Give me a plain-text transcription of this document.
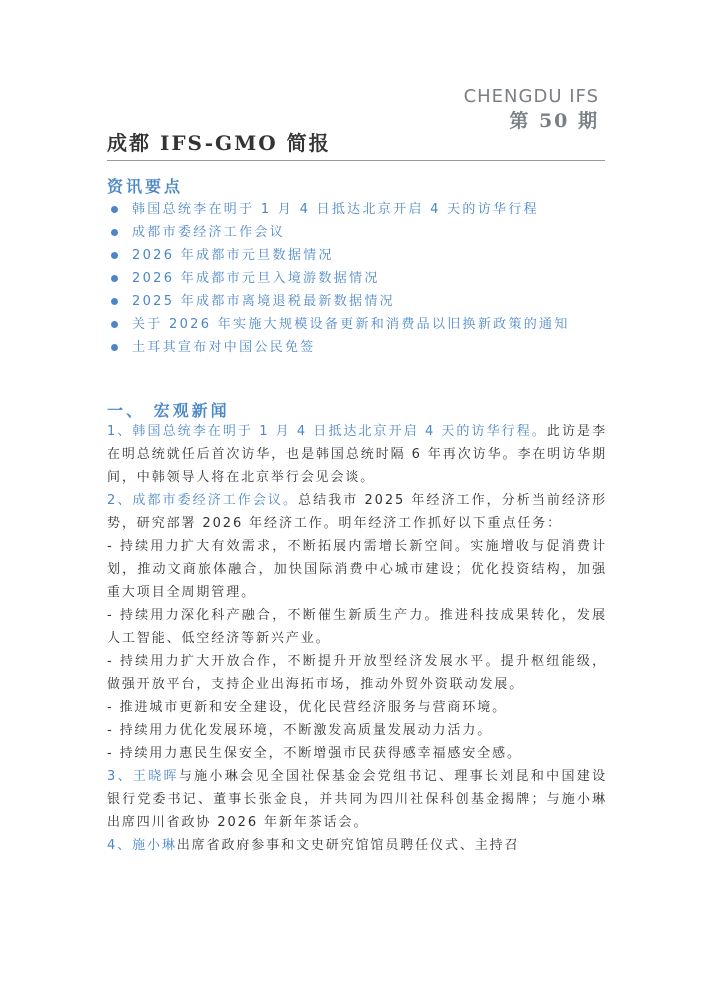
CHENGDU IFS
第 50 期
成都 IFS-GMO 简报
资讯要点
韩国总统李在明于 1 月 4 日抵达北京开启 4 天的访华行程
成都市委经济工作会议
2026 年成都市元旦数据情况
2026 年成都市元旦入境游数据情况
2025 年成都市离境退税最新数据情况
关于 2026 年实施大规模设备更新和消费品以旧换新政策的通知
土耳其宣布对中国公民免签
一、 宏观新闻

1、韩国总统李在明于 1 月 4 日抵达北京开启 4 天的访华行程。此访是李在明总统就任后首次访华，也是韩国总统时隔 6 年再次访华。李在明访华期间，中韩领导人将在北京举行会见会谈。

2、成都市委经济工作会议。总结我市 2025 年经济工作，分析当前经济形势，研究部署 2026 年经济工作。明年经济工作抓好以下重点任务：

- 持续用力扩大有效需求，不断拓展内需增长新空间。实施增收与促消费计划，推动文商旅体融合，加快国际消费中心城市建设；优化投资结构，加强重大项目全周期管理。

- 持续用力深化科产融合，不断催生新质生产力。推进科技成果转化，发展人工智能、低空经济等新兴产业。

- 持续用力扩大开放合作，不断提升开放型经济发展水平。提升枢纽能级，做强开放平台，支持企业出海拓市场，推动外贸外资联动发展。

- 推进城市更新和安全建设，优化民营经济服务与营商环境。

- 持续用力优化发展环境，不断激发高质量发展动力活力。

- 持续用力惠民生保安全，不断增强市民获得感幸福感安全感。

3、王晓晖与施小琳会见全国社保基金会党组书记、理事长刘昆和中国建设银行党委书记、董事长张金良，并共同为四川社保科创基金揭牌；与施小琳出席四川省政协 2026 年新年茶话会。

4、施小琳出席省政府参事和文史研究馆馆员聘任仪式、主持召
